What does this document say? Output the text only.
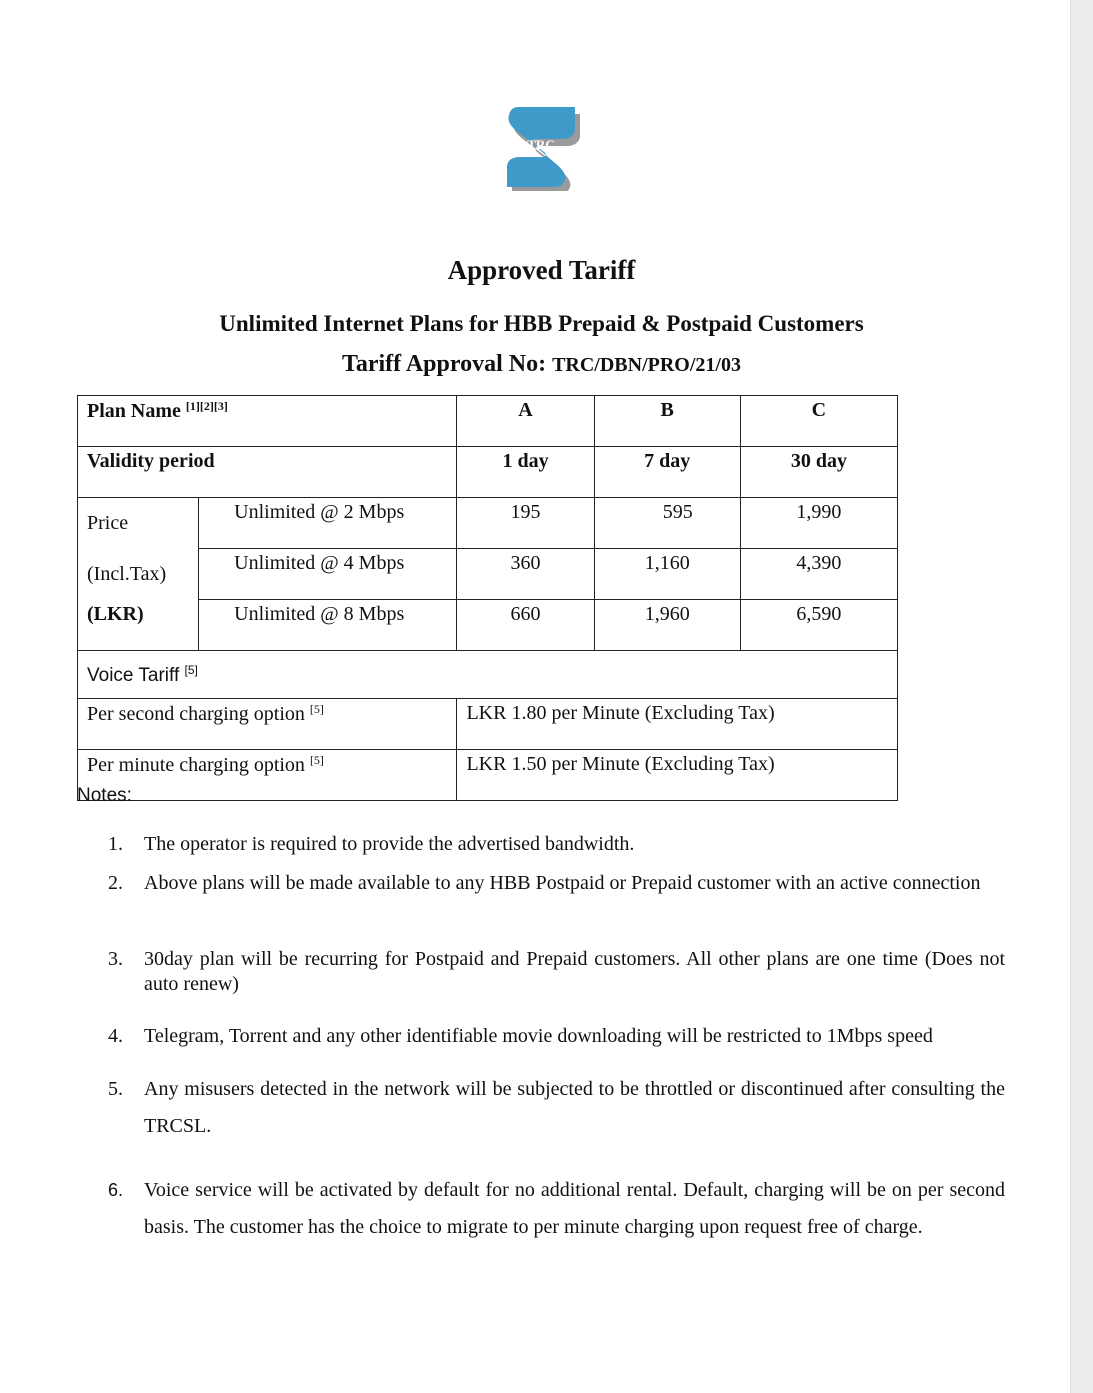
TRC
Approved Tariff
Unlimited Internet Plans for HBB Prepaid & Postpaid Customers
Tariff Approval No: TRC/DBN/PRO/21/03
Plan Name [1][2][3]		A	B	C
Validity period		1 day	7 day	30 day
Price	Unlimited @ 2 Mbps	195	595	1,990
(Incl.Tax)	Unlimited @ 4 Mbps	360	1,160	4,390
(LKR)	Unlimited @ 8 Mbps	660	1,960	6,590
Voice Tariff [5]
Per second charging option [5]		LKR 1.80 per Minute (Excluding Tax)		
Per minute charging option [5]		LKR 1.50 per Minute (Excluding Tax)		
Notes:
1.	The operator is required to provide the advertised bandwidth.
2.	Above plans will be made available to any HBB Postpaid or Prepaid customer with an active connection
3.	30day plan will be recurring for Postpaid and Prepaid customers. All other plans are one time (Does not auto renew)
4.	Telegram, Torrent and any other identifiable movie downloading will be restricted to 1Mbps speed
5.	Any misusers detected in the network will be subjected to be throttled or discontinued after consulting the TRCSL.
6.	Voice service will be activated by default for no additional rental. Default, charging will be on per second basis. The customer has the choice to migrate to per minute charging upon request free of charge.
